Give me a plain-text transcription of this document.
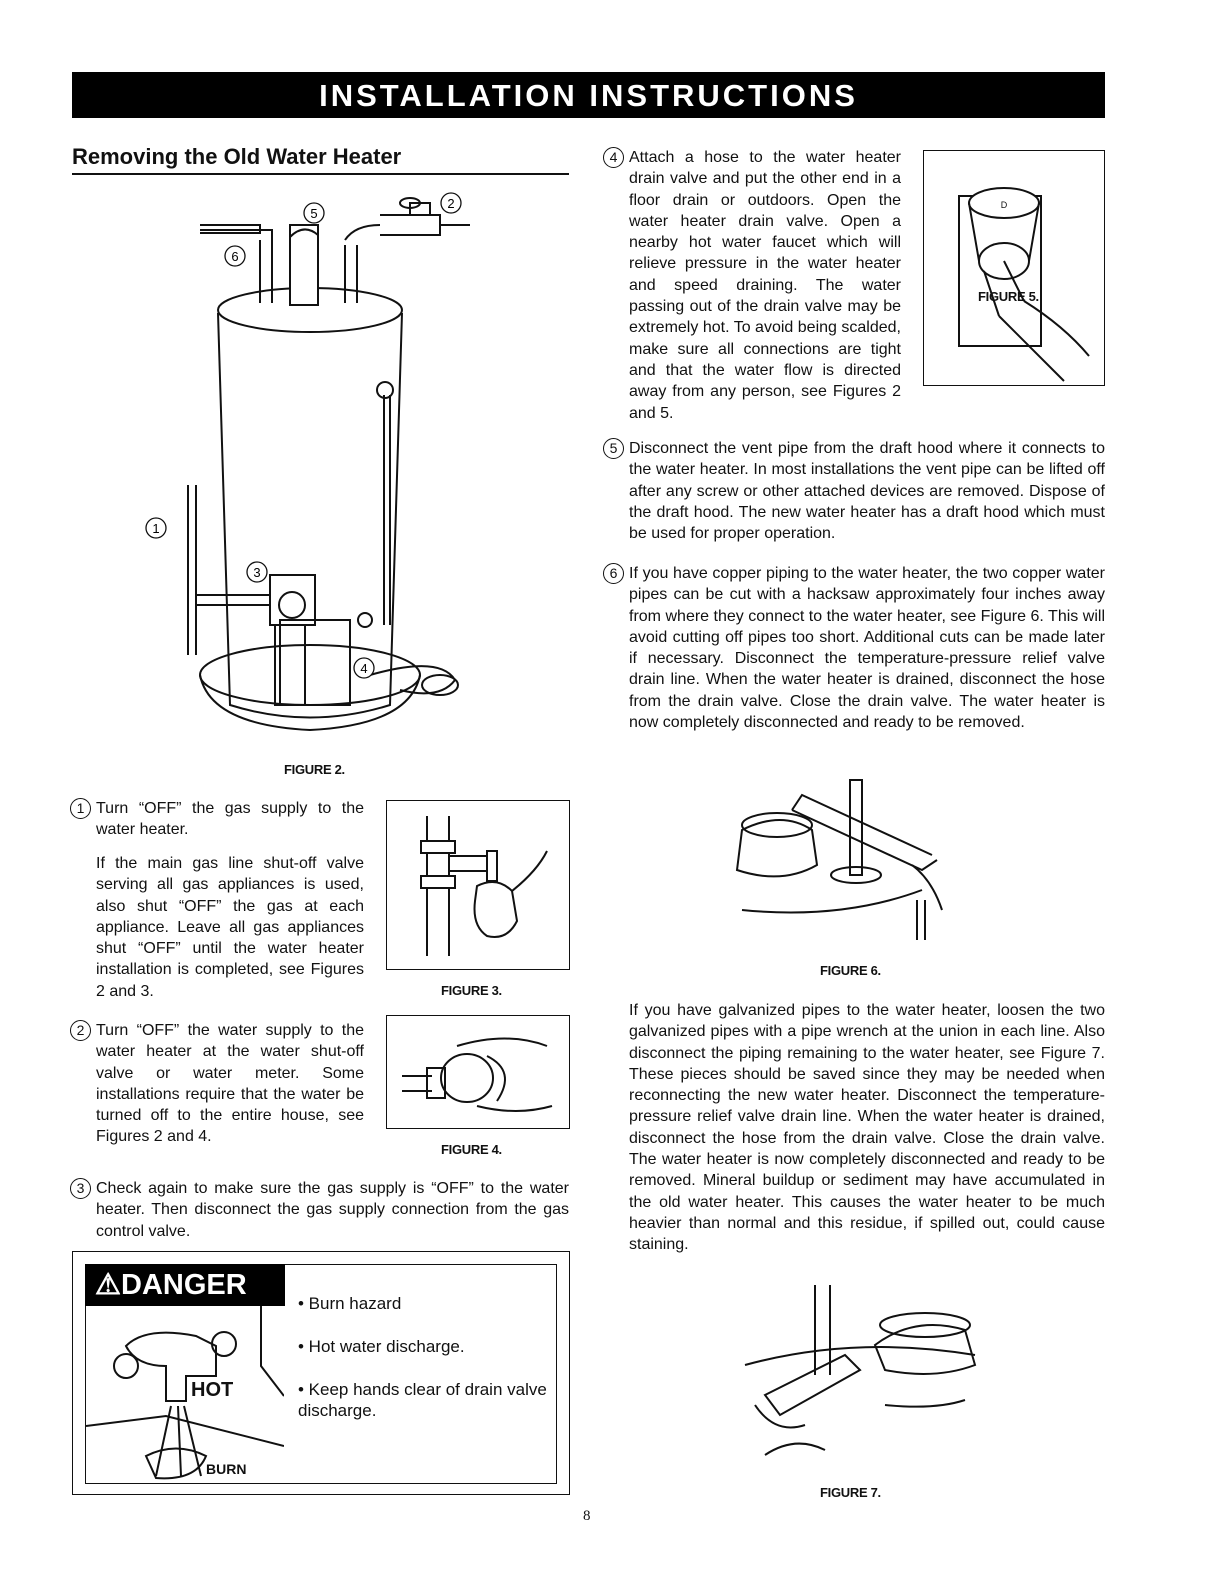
INSTALLATION INSTRUCTIONS
Removing the Old Water Heater
5
2
6
1
3
4
FIGURE 2.
1 Turn “OFF” the gas supply to the water heater.
If the main gas line shut-off valve serving all gas appliances is used, also shut “OFF” the gas at each appliance. Leave all gas appliances shut “OFF” until the water heater installation is completed, see Figures 2 and 3.	FIGURE 3.
2 Turn “OFF” the water supply to the water heater at the water shut-off valve or water meter. Some installations require that the water be turned off to the entire house, see Figures 2 and 4.
FIGURE 4.
3 Check again to make sure the gas supply is “OFF” to the water heater. Then disconnect the gas supply connection from the gas control valve.
⚠DANGER
HOT
BURN
• Burn hazard
• Hot water discharge.
• Keep hands clear of drain valve discharge.
4 Attach a hose to the water heater drain valve and put the other end in a floor drain or outdoors. Open the water heater drain valve. Open a nearby hot water faucet which will relieve pressure in the water heater and speed draining. The water passing out of the drain valve may be extremely hot. To avoid being scalded, make sure all connections are tight and that the water flow is directed away from any person, see Figures 2 and 5.
D
FIGURE 5.
5 Disconnect the vent pipe from the draft hood where it connects to the water heater. In most installations the vent pipe can be lifted off after any screw or other attached devices are removed. Dispose of the draft hood. The new water heater has a draft hood which must be used for proper operation.
6 If you have copper piping to the water heater, the two copper water pipes can be cut with a hacksaw approximately four inches away from where they connect to the water heater, see Figure 6. This will avoid cutting off pipes too short. Additional cuts can be made later if necessary. Disconnect the temperature-pressure relief valve drain line. When the water heater is drained, disconnect the hose from the drain valve. Close the drain valve. The water heater is now completely disconnected and ready to be removed.
FIGURE 6.
If you have galvanized pipes to the water heater, loosen the two galvanized pipes with a pipe wrench at the union in each line. Also disconnect the piping remaining to the water heater, see Figure 7. These pieces should be saved since they may be needed when reconnecting the new water heater. Disconnect the temperature-pressure relief valve drain line. When the water heater is drained, disconnect the hose from the drain valve. Close the drain valve. The water heater is now completely disconnected and ready to be removed. Mineral buildup or sediment may have accumulated in the old water heater. This causes the water heater to be much heavier than normal and this residue, if spilled out, could cause staining.
FIGURE 7.
8
